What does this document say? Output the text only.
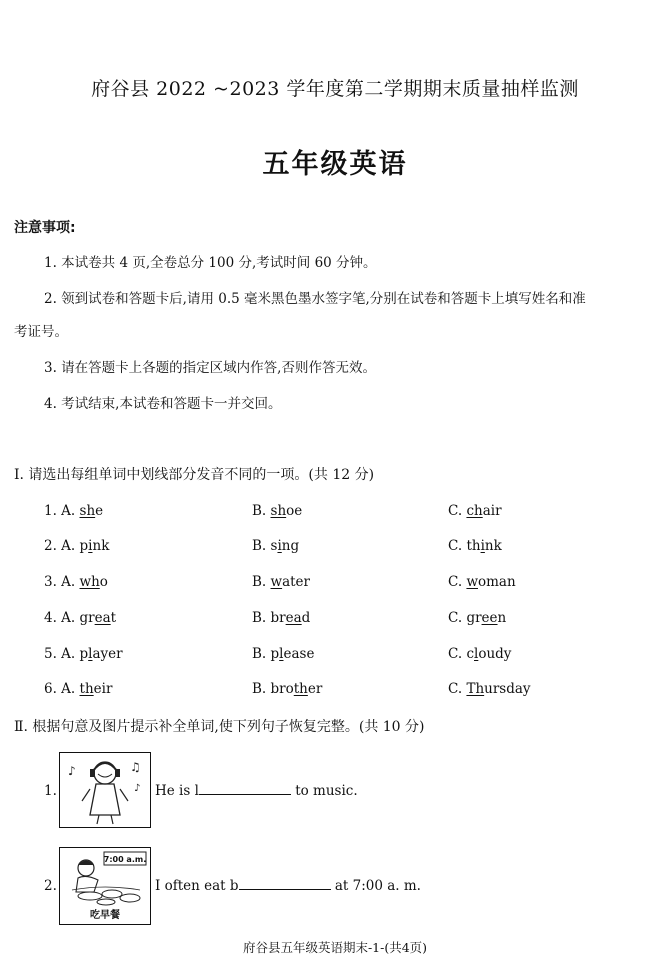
府谷县 2022 ~2023 学年度第二学期期末质量抽样监测
五年级英语
注意事项:
1. 本试卷共 4 页,全卷总分 100 分,考试时间 60 分钟。
2. 领到试卷和答题卡后,请用 0.5 毫米黑色墨水签字笔,分别在试卷和答题卡上填写姓名和准
考证号。
3. 请在答题卡上各题的指定区域内作答,否则作答无效。
4. 考试结束,本试卷和答题卡一并交回。
Ⅰ. 请选出每组单词中划线部分发音不同的一项。(共 12 分)
1. A. she	B. shoe	C. chair
2. A. pink	B. sing	C. think
3. A. who	B. water	C. woman
4. A. great	B. bread	C. green
5. A. player	B. please	C. cloudy
6. A. their	B. brother	C. Thursday
Ⅱ. 根据句意及图片提示补全单词,使下列句子恢复完整。(共 10 分)
1.
♪	♫
♪ He is l	to music.
2.
7:00 a.m.
吃早餐
I often eat b	at 7:00 a. m.
府谷县五年级英语期末-1-(共4页)
